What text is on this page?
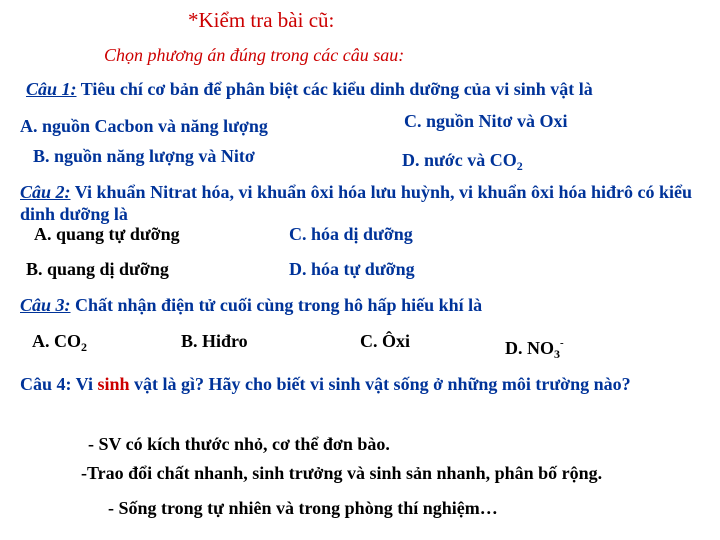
*Kiểm tra bài cũ:
Chọn phương án đúng trong các câu sau:
Câu 1: Tiêu chí cơ bản để phân biệt các kiểu dinh dưỡng của vi sinh vật là
A. nguồn Cacbon và năng lượng
B. nguồn năng lượng và Nitơ
C. nguồn Nitơ và Oxi
D. nước và $CO_2$
Câu 2: Vi khuẩn Nitrat hóa, vi khuẩn ôxi hóa lưu huỳnh, vi khuẩn ôxi hóa hiđrô có kiểu dinh dưỡng là
A. quang tự dưỡng
B. quang dị dưỡng
C. hóa dị dưỡng
D. hóa tự dưỡng
Câu 3: Chất nhận điện tử cuối cùng trong hô hấp hiếu khí là
A. $CO_2$	B. Hiđro	C. Ôxi	D. $NO_3^-$
Câu 4: Vi sinh vật là gì? Hãy cho biết vi sinh vật sống ở những môi trường nào?
- SV có kích thước nhỏ, cơ thể đơn bào.
-Trao đổi chất nhanh, sinh trưởng và sinh sản nhanh, phân bố rộng.
- Sống trong tự nhiên và trong phòng thí nghiệm…
